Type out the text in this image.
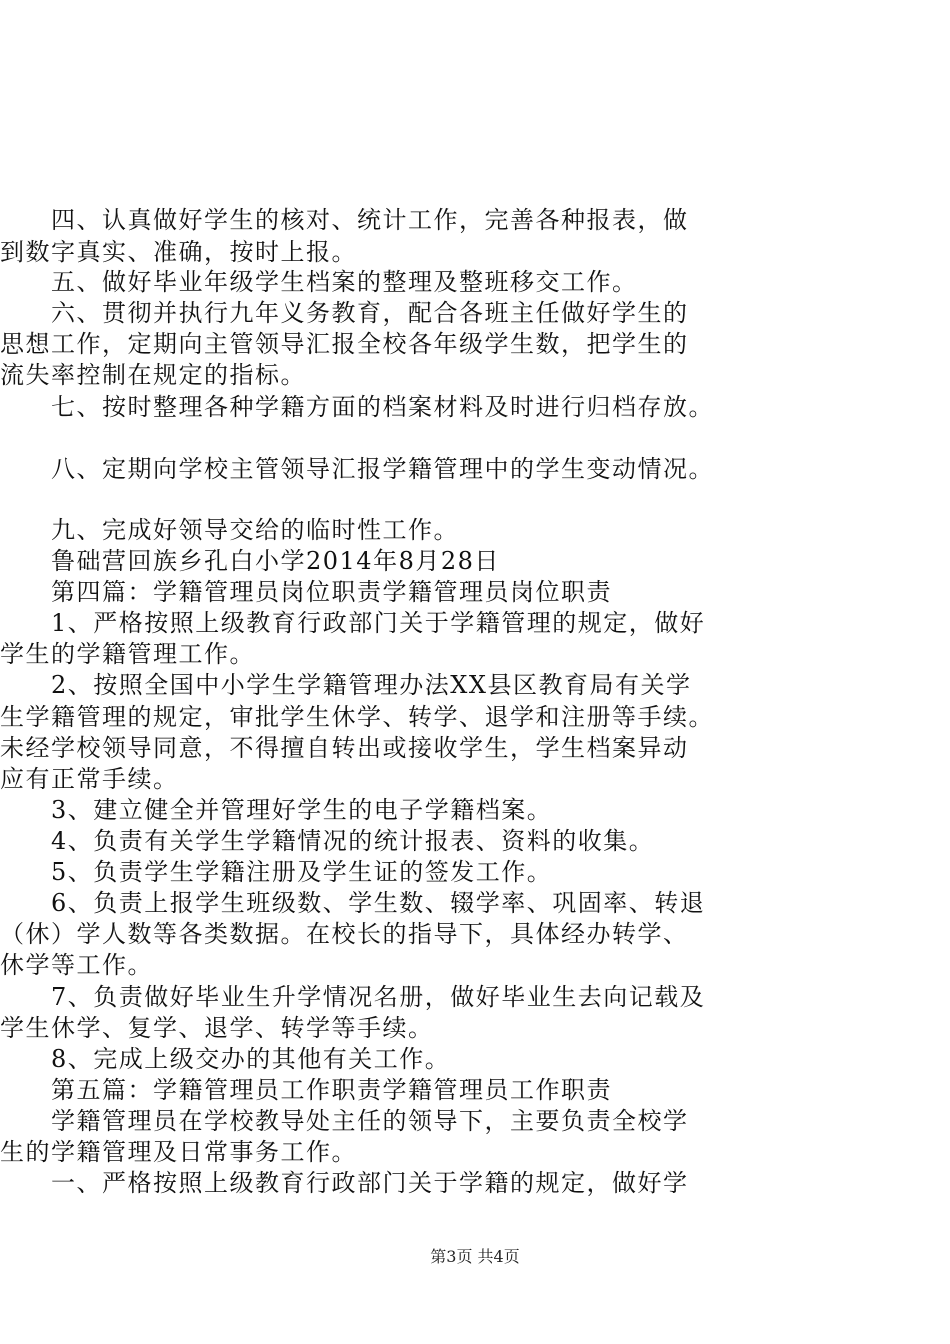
　　四、认真做好学生的核对、统计工作，完善各种报表，做
到数字真实、准确，按时上报。
　　五、做好毕业年级学生档案的整理及整班移交工作。
　　六、贯彻并执行九年义务教育，配合各班主任做好学生的
思想工作，定期向主管领导汇报全校各年级学生数，把学生的
流失率控制在规定的指标。
　　七、按时整理各种学籍方面的档案材料及时进行归档存放。
　　八、定期向学校主管领导汇报学籍管理中的学生变动情况。
　　九、完成好领导交给的临时性工作。
　　鲁础营回族乡孔白小学2014年8月28日
　　第四篇：学籍管理员岗位职责学籍管理员岗位职责
　　1、严格按照上级教育行政部门关于学籍管理的规定，做好
学生的学籍管理工作。
　　2、按照全国中小学生学籍管理办法XX县区教育局有关学
生学籍管理的规定，审批学生休学、转学、退学和注册等手续。
未经学校领导同意，不得擅自转出或接收学生，学生档案异动
应有正常手续。
　　3、建立健全并管理好学生的电子学籍档案。
　　4、负责有关学生学籍情况的统计报表、资料的收集。
　　5、负责学生学籍注册及学生证的签发工作。
　　6、负责上报学生班级数、学生数、辍学率、巩固率、转退
（休）学人数等各类数据。在校长的指导下，具体经办转学、
休学等工作。
　　7、负责做好毕业生升学情况名册，做好毕业生去向记载及
学生休学、复学、退学、转学等手续。
　　8、完成上级交办的其他有关工作。
　　第五篇：学籍管理员工作职责学籍管理员工作职责
　　学籍管理员在学校教导处主任的领导下，主要负责全校学
生的学籍管理及日常事务工作。
　　一、严格按照上级教育行政部门关于学籍的规定，做好学
第3页 共4页
